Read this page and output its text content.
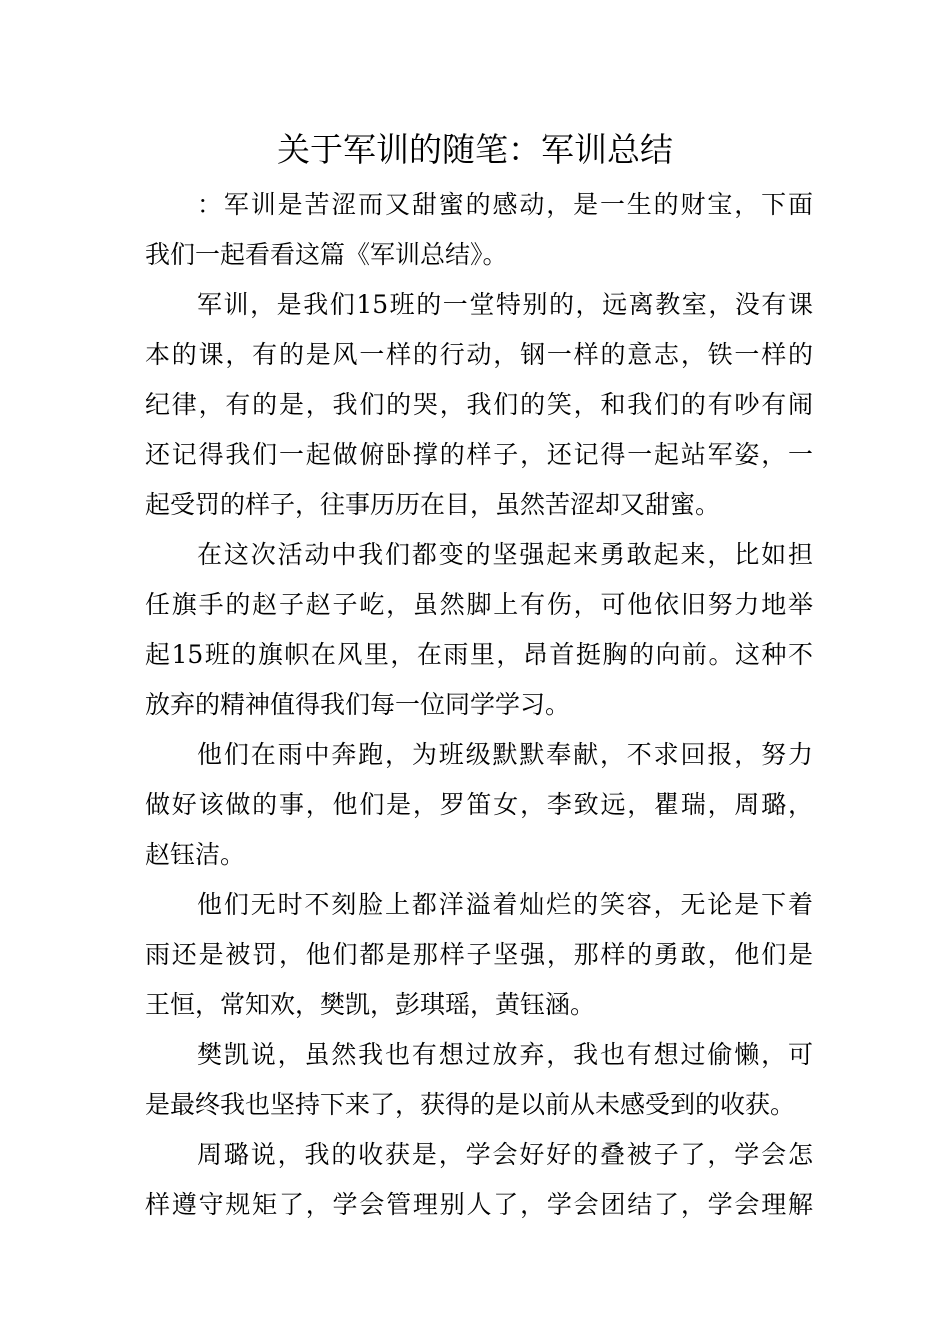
关于军训的随笔：军训总结
：军训是苦涩而又甜蜜的感动，是一生的财宝，下面
我们一起看看这篇《军训总结》。
军训，是我们15班的一堂特别的，远离教室，没有课
本的课，有的是风一样的行动，钢一样的意志，铁一样的
纪律，有的是，我们的哭，我们的笑，和我们的有吵有闹
还记得我们一起做俯卧撑的样子，还记得一起站军姿，一
起受罚的样子，往事历历在目，虽然苦涩却又甜蜜。
在这次活动中我们都变的坚强起来勇敢起来，比如担
任旗手的赵子赵子屹，虽然脚上有伤，可他依旧努力地举
起15班的旗帜在风里，在雨里，昂首挺胸的向前。这种不
放弃的精神值得我们每一位同学学习。
他们在雨中奔跑，为班级默默奉献，不求回报，努力
做好该做的事，他们是，罗笛女，李致远，瞿瑞，周璐，
赵钰洁。
他们无时不刻脸上都洋溢着灿烂的笑容，无论是下着
雨还是被罚，他们都是那样子坚强，那样的勇敢，他们是
王恒，常知欢，樊凯，彭琪瑶，黄钰涵。
樊凯说，虽然我也有想过放弃，我也有想过偷懒，可
是最终我也坚持下来了，获得的是以前从未感受到的收获。
周璐说，我的收获是，学会好好的叠被子了，学会怎
样遵守规矩了，学会管理别人了，学会团结了，学会理解
